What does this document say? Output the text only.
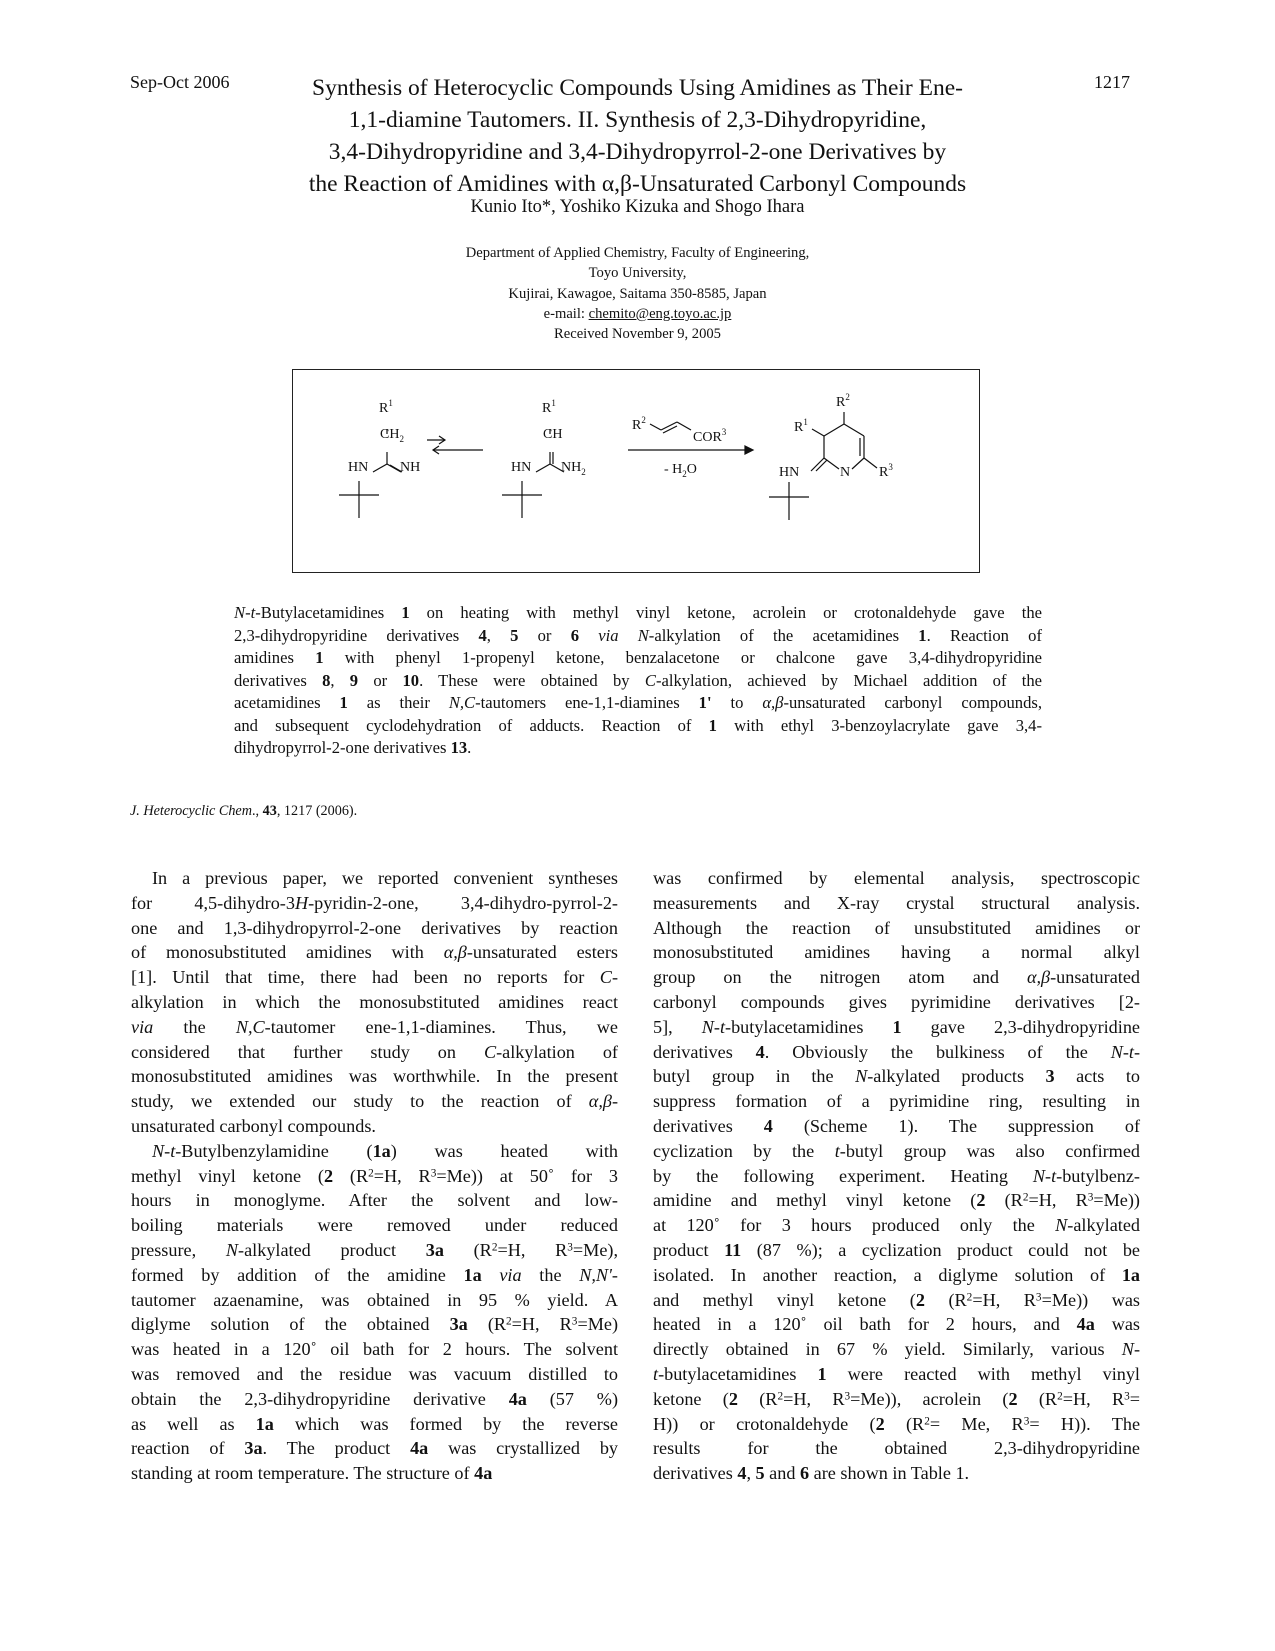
Sep-Oct 2006	1217
Synthesis of Heterocyclic Compounds Using Amidines as Their Ene-
1,1-diamine Tautomers. II. Synthesis of 2,3-Dihydropyridine,
3,4-Dihydropyridine and 3,4-Dihydropyrrol-2-one Derivatives by
the Reaction of Amidines with α,β-Unsaturated Carbonyl Compounds
Kunio Ito*, Yoshiko Kizuka and Shogo Ihara
Department of Applied Chemistry, Faculty of Engineering,
Toyo University,
Kujirai, Kawagoe, Saitama 350-8585, Japan
e-mail: chemito@eng.toyo.ac.jp
Received November 9, 2005
$R^1$
$CH_2$
HN NH
$R^1$
CH
HN $NH_2$
$R^2$
COR$^3$
- $H_2O$
$R^2$
$R^1$
HN	N $R^3$
N-t-Butylacetamidines 1 on heating with methyl vinyl ketone, acrolein or crotonaldehyde gave the
2,3-dihydropyridine derivatives 4, 5 or 6 via N-alkylation of the acetamidines 1. Reaction of
amidines 1 with phenyl 1-propenyl ketone, benzalacetone or chalcone gave 3,4-dihydropyridine
derivatives 8, 9 or 10. These were obtained by C-alkylation, achieved by Michael addition of the
acetamidines 1 as their N,C-tautomers ene-1,1-diamines 1' to α,β-unsaturated carbonyl compounds,
and subsequent cyclodehydration of adducts. Reaction of 1 with ethyl 3-benzoylacrylate gave 3,4-
dihydropyrrol-2-one derivatives 13.
J. Heterocyclic Chem., 43, 1217 (2006).
In a previous paper, we reported convenient syntheses
for 4,5-dihydro-3H-pyridin-2-one, 3,4-dihydro-pyrrol-2-
one and 1,3-dihydropyrrol-2-one derivatives by reaction
of monosubstituted amidines with α,β-unsaturated esters
[1]. Until that time, there had been no reports for C-
alkylation in which the monosubstituted amidines react
via the N,C-tautomer ene-1,1-diamines. Thus, we
considered that further study on C-alkylation of
monosubstituted amidines was worthwhile. In the present
study, we extended our study to the reaction of α,β-
unsaturated carbonyl compounds.
N-t-Butylbenzylamidine (1a) was heated with
methyl vinyl ketone (2 ($R^2=H$, $R^3=Me$)) at 50˚ for 3
hours in monoglyme. After the solvent and low-
boiling materials were removed under reduced
pressure, N-alkylated product 3a ($R^2=H$, $R^3=Me$),
formed by addition of the amidine 1a via the N,N'-
tautomer azaenamine, was obtained in 95 % yield. A
diglyme solution of the obtained 3a ($R^2=H$, $R^3=Me$)
was heated in a 120˚ oil bath for 2 hours. The solvent
was removed and the residue was vacuum distilled to
obtain the 2,3-dihydropyridine derivative 4a (57 %)
as well as 1a which was formed by the reverse
reaction of 3a. The product 4a was crystallized by
standing at room temperature. The structure of 4a
was confirmed by elemental analysis, spectroscopic
measurements and X-ray crystal structural analysis.
Although the reaction of unsubstituted amidines or
monosubstituted amidines having a normal alkyl
group on the nitrogen atom and α,β-unsaturated
carbonyl compounds gives pyrimidine derivatives [2-
5], N-t-butylacetamidines 1 gave 2,3-dihydropyridine
derivatives 4. Obviously the bulkiness of the N-t-
butyl group in the N-alkylated products 3 acts to
suppress formation of a pyrimidine ring, resulting in
derivatives 4 (Scheme 1). The suppression of
cyclization by the t-butyl group was also confirmed
by the following experiment. Heating N-t-butylbenz-
amidine and methyl vinyl ketone (2 ($R^2=H$, $R^3=Me$))
at 120˚ for 3 hours produced only the N-alkylated
product 11 (87 %); a cyclization product could not be
isolated. In another reaction, a diglyme solution of 1a
and methyl vinyl ketone (2 ($R^2=H$, $R^3=Me$)) was
heated in a 120˚ oil bath for 2 hours, and 4a was
directly obtained in 67 % yield. Similarly, various N-
t-butylacetamidines 1 were reacted with methyl vinyl
ketone (2 ($R^2=H$, $R^3=Me$)), acrolein (2 ($R^2=H$, $R^3=$
H)) or crotonaldehyde (2 ($R^2= Me$, $R^3= H$)). The
results for the obtained 2,3-dihydropyridine
derivatives 4, 5 and 6 are shown in Table 1.
